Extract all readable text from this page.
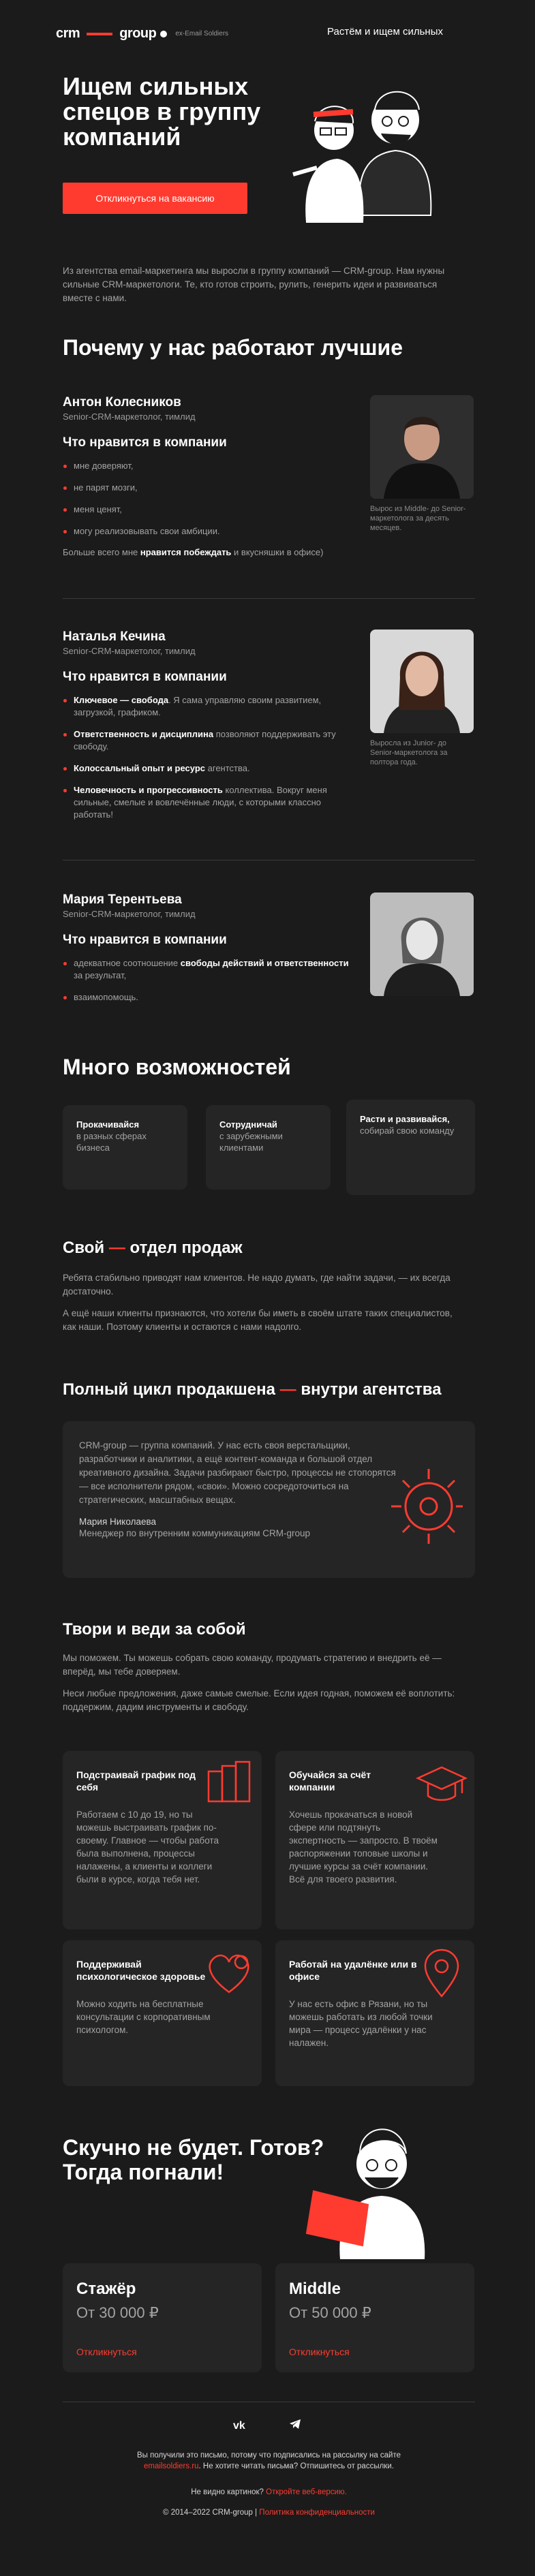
crm	group	ex-Email Soldiers	Растём и ищем сильных
Ищем сильных спецов в группу компаний
Откликнуться на вакансию
Из агентства email-маркетинга мы выросли в группу компаний — CRM-group. Нам нужны сильные CRM-маркетологи. Те, кто готов строить, рулить, генерить идеи и развиваться вместе с нами.
Почему у нас работают лучшие
Антон Колесников
Senior-CRM-маркетолог, тимлид
Что нравится в компании
мне доверяют,
не парят мозги,
меня ценят,
могу реализовывать свои амбиции.
Больше всего мне нравится побеждать и вкусняшки в офисе)
Вырос из Middle- до Senior-маркетолога за десять месяцев.
Наталья Кечина
Senior-CRM-маркетолог, тимлид
Что нравится в компании
Ключевое — свобода. Я сама управляю своим развитием, загрузкой, графиком.
Ответственность и дисциплина позволяют поддерживать эту свободу.
Колоссальный опыт и ресурс агентства.
Человечность и прогрессивность коллектива. Вокруг меня сильные, смелые и вовлечённые люди, с которыми классно работать!
Выросла из Junior- до Senior-маркетолога за полтора года.
Мария Терентьева
Senior-CRM-маркетолог, тимлид
Что нравится в компании
адекватное соотношение свободы действий и ответственности за результат,
взаимопомощь.
Много возможностей
Прокачивайся
в разных сферах бизнеса
Сотрудничай
с зарубежными клиентами
Расти и развивайся,
собирай свою команду
Свой — отдел продаж
Ребята стабильно приводят нам клиентов. Не надо думать, где найти задачи, — их всегда достаточно.
А ещё наши клиенты признаются, что хотели бы иметь в своём штате таких специалистов, как наши. Поэтому клиенты и остаются с нами надолго.
Полный цикл продакшена — внутри агентства
CRM-group — группа компаний. У нас есть своя верстальщики, разработчики и аналитики, а ещё контент-команда и большой отдел креативного дизайна. Задачи разбирают быстро, процессы не стопорятся — все исполнители рядом, «свои». Можно сосредоточиться на стратегических, масштабных вещах.
Мария Николаева
Менеджер по внутренним коммуникациям CRM-group
Твори и веди за собой
Мы поможем. Ты можешь собрать свою команду, продумать стратегию и внедрить её — вперёд, мы тебе доверяем.
Неси любые предложения, даже самые смелые. Если идея годная, поможем её воплотить: поддержим, дадим инструменты и свободу.
Подстраивай график под себя
Работаем с 10 до 19, но ты можешь выстраивать график по-своему. Главное — чтобы работа была выполнена, процессы налажены, а клиенты и коллеги были в курсе, когда тебя нет.
Обучайся за счёт компании
Хочешь прокачаться в новой сфере или подтянуть экспертность — запросто. В твоём распоряжении топовые школы и лучшие курсы за счёт компании. Всё для твоего развития.
Поддерживай психологическое здоровье
Можно ходить на бесплатные консультации с корпоративным психологом.
Работай на удалёнке или в офисе
У нас есть офис в Рязани, но ты можешь работать из любой точки мира — процесс удалёнки у нас налажен.
Скучно не будет. Готов? Тогда погнали!
Стажёр
От 30 000 ₽
Откликнуться
Middle
От 50 000 ₽
Откликнуться
vk
Вы получили это письмо, потому что подписались на рассылку на сайте
emailsoldiers.ru. Не хотите читать письма? Отпишитесь от рассылки.
Не видно картинок? Откройте веб-версию.
© 2014–2022 CRM-group | Политика конфиденциальности
